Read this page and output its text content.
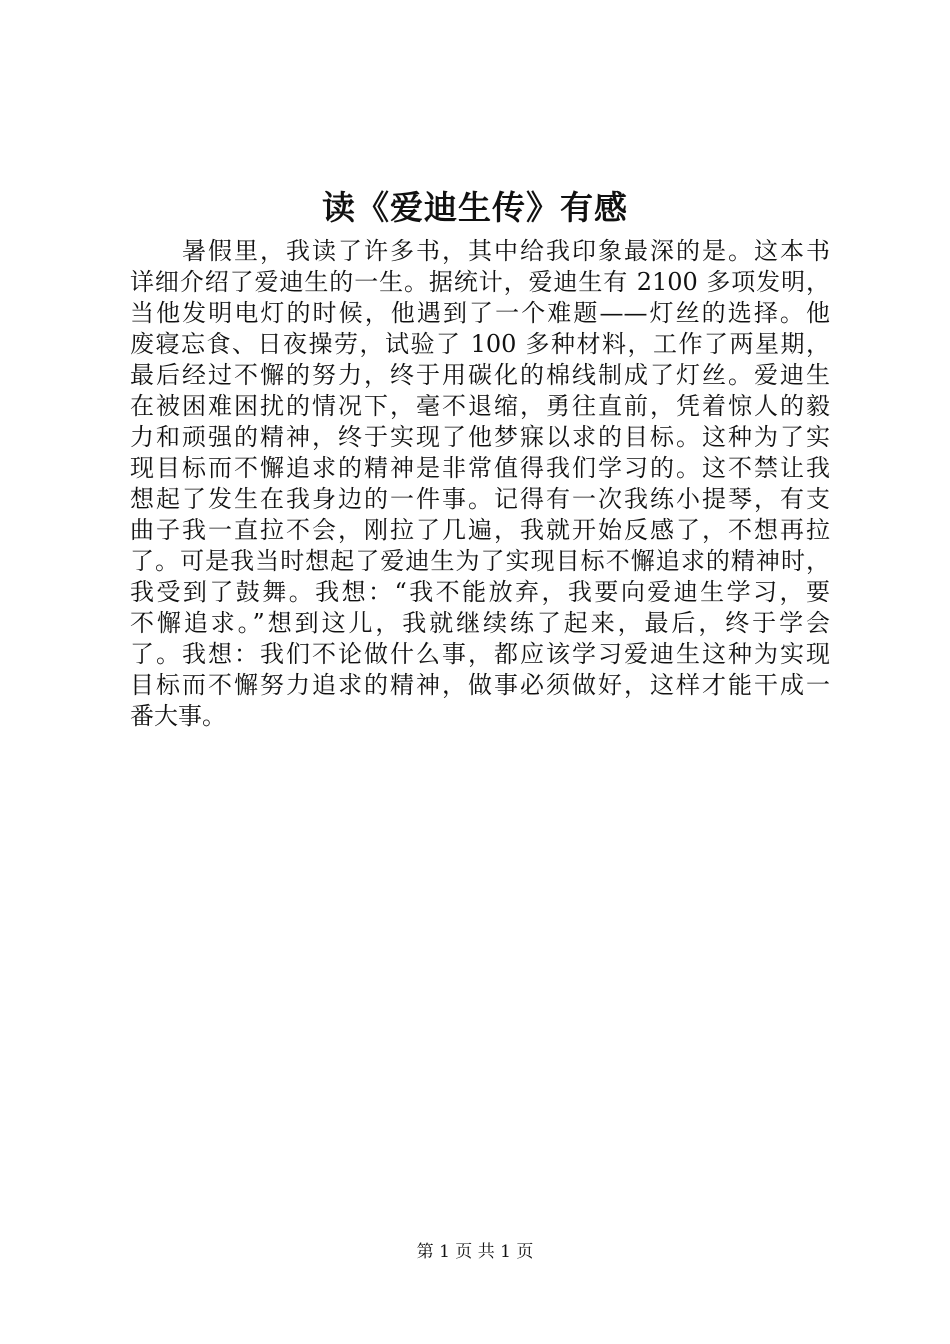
读《爱迪生传》有感
暑假里，我读了许多书，其中给我印象最深的是。这本书
详细介绍了爱迪生的一生。据统计，爱迪生有 2100 多项发明，
当他发明电灯的时候，他遇到了一个难题——灯丝的选择。他
废寝忘食、日夜操劳，试验了 100 多种材料，工作了两星期，
最后经过不懈的努力，终于用碳化的棉线制成了灯丝。爱迪生
在被困难困扰的情况下，毫不退缩，勇往直前，凭着惊人的毅
力和顽强的精神，终于实现了他梦寐以求的目标。这种为了实
现目标而不懈追求的精神是非常值得我们学习的。这不禁让我
想起了发生在我身边的一件事。记得有一次我练小提琴，有支
曲子我一直拉不会，刚拉了几遍，我就开始反感了，不想再拉
了。可是我当时想起了爱迪生为了实现目标不懈追求的精神时，
我受到了鼓舞。我想：“我不能放弃，我要向爱迪生学习，要
不懈追求。”想到这儿，我就继续练了起来，最后，终于学会
了。我想：我们不论做什么事，都应该学习爱迪生这种为实现
目标而不懈努力追求的精神，做事必须做好，这样才能干成一
番大事。
第 1 页 共 1 页
